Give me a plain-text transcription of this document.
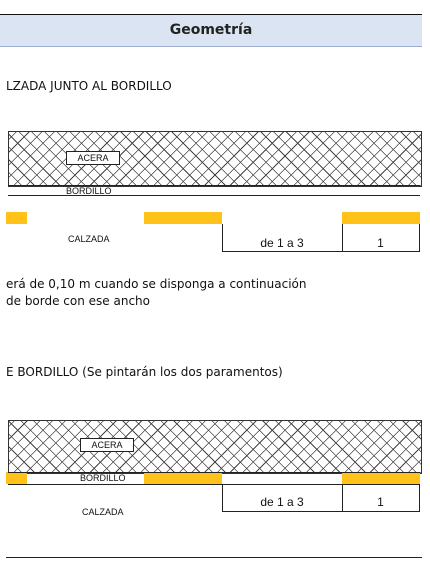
Geometría
LZADA JUNTO AL BORDILLO
ACERA
BORDILLO
CALZADA	de 1 a 3	1
erá de 0,10 m cuando se disponga a continuación
de borde con ese ancho
E BORDILLO (Se pintarán los dos paramentos)
ACERA
BORDILLO
CALZADA
de 1 a 3	1
